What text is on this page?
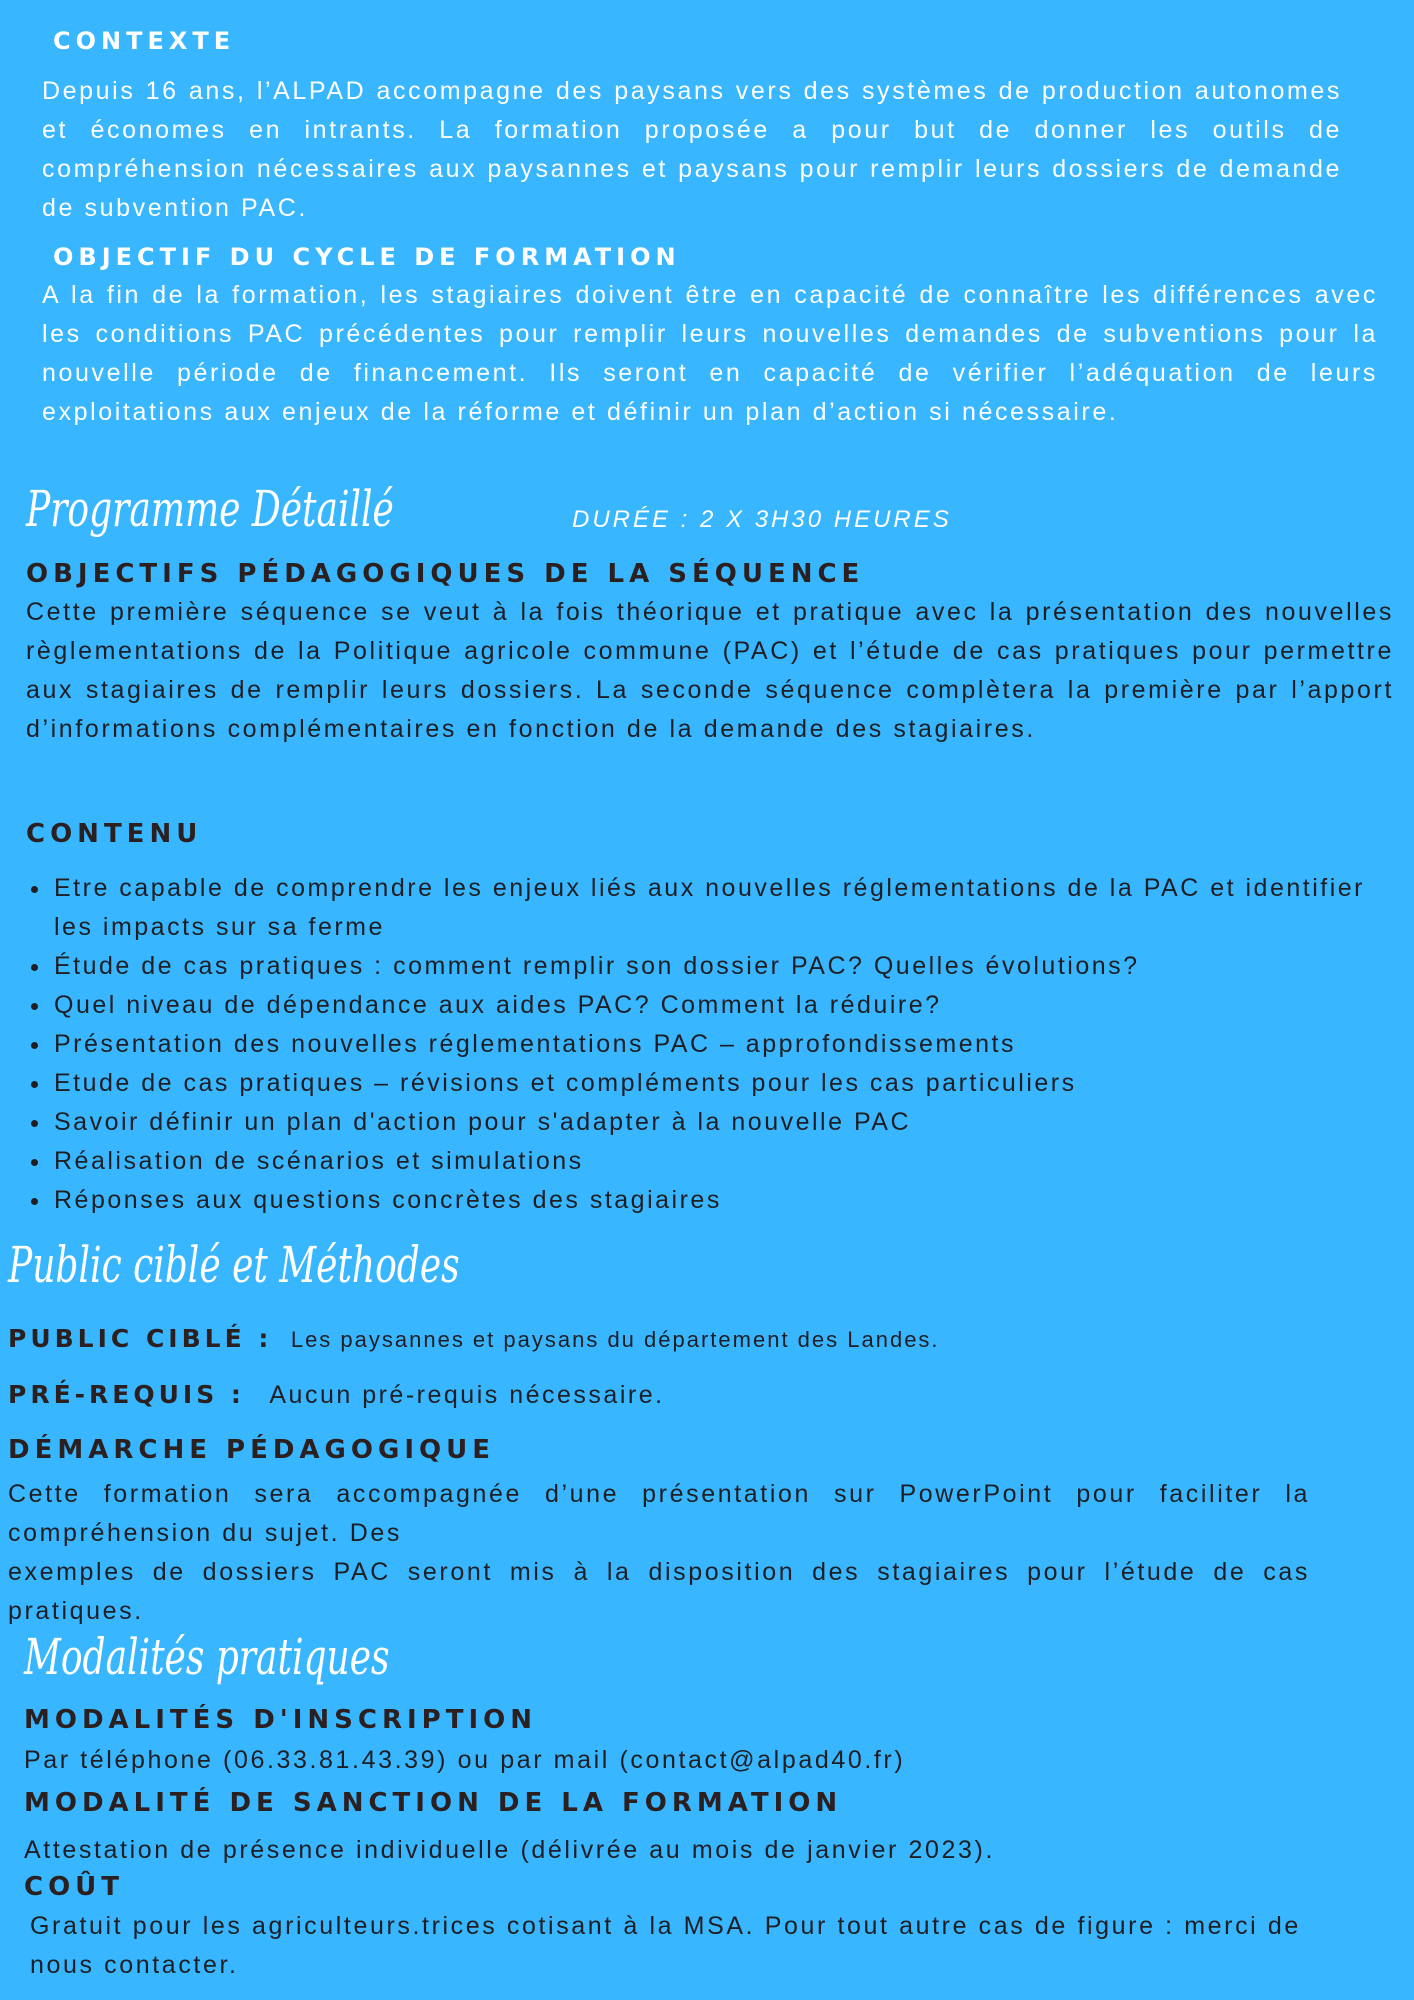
CONTEXTE
Depuis 16 ans, l’ALPAD accompagne des paysans vers des systèmes de production autonomes et économes en intrants. La formation proposée a pour but de donner les outils de compréhension nécessaires aux paysannes et paysans pour remplir leurs dossiers de demande de subvention PAC.
OBJECTIF DU CYCLE DE FORMATION
A la fin de la formation, les stagiaires doivent être en capacité de connaître les différences avec les conditions PAC précédentes pour remplir leurs nouvelles demandes de subventions pour la nouvelle période de financement. Ils seront en capacité de vérifier l’adéquation de leurs exploitations aux enjeux de la réforme et définir un plan d’action si nécessaire.
Programme Détaillé	DURÉE : 2 X 3H30 HEURES
OBJECTIFS PÉDAGOGIQUES DE LA SÉQUENCE
Cette première séquence se veut à la fois théorique et pratique avec la présentation des nouvelles règlementations de la Politique agricole commune (PAC) et l’étude de cas pratiques pour permettre aux stagiaires de remplir leurs dossiers. La seconde séquence complètera la première par l’apport d’informations complémentaires en fonction de la demande des stagiaires.
CONTENU
• Etre capable de comprendre les enjeux liés aux nouvelles réglementations de la PAC et identifier les impacts sur sa ferme
• Étude de cas pratiques : comment remplir son dossier PAC? Quelles évolutions?
• Quel niveau de dépendance aux aides PAC? Comment la réduire?
• Présentation des nouvelles réglementations PAC – approfondissements
• Etude de cas pratiques – révisions et compléments pour les cas particuliers
• Savoir définir un plan d'action pour s'adapter à la nouvelle PAC
• Réalisation de scénarios et simulations
• Réponses aux questions concrètes des stagiaires
Public ciblé et Méthodes
PUBLIC CIBLÉ : Les paysannes et paysans du département des Landes.
PRÉ-REQUIS : Aucun pré-requis nécessaire.
DÉMARCHE PÉDAGOGIQUE
Cette formation sera accompagnée d’une présentation sur PowerPoint pour faciliter la compréhension du sujet. Des
exemples de dossiers PAC seront mis à la disposition des stagiaires pour l’étude de cas pratiques.
Modalités pratiques
MODALITÉS D'INSCRIPTION
Par téléphone (06.33.81.43.39) ou par mail (contact@alpad40.fr)
MODALITÉ DE SANCTION DE LA FORMATION
Attestation de présence individuelle (délivrée au mois de janvier 2023).
COÛT
Gratuit pour les agriculteurs.trices cotisant à la MSA. Pour tout autre cas de figure : merci de nous contacter.
